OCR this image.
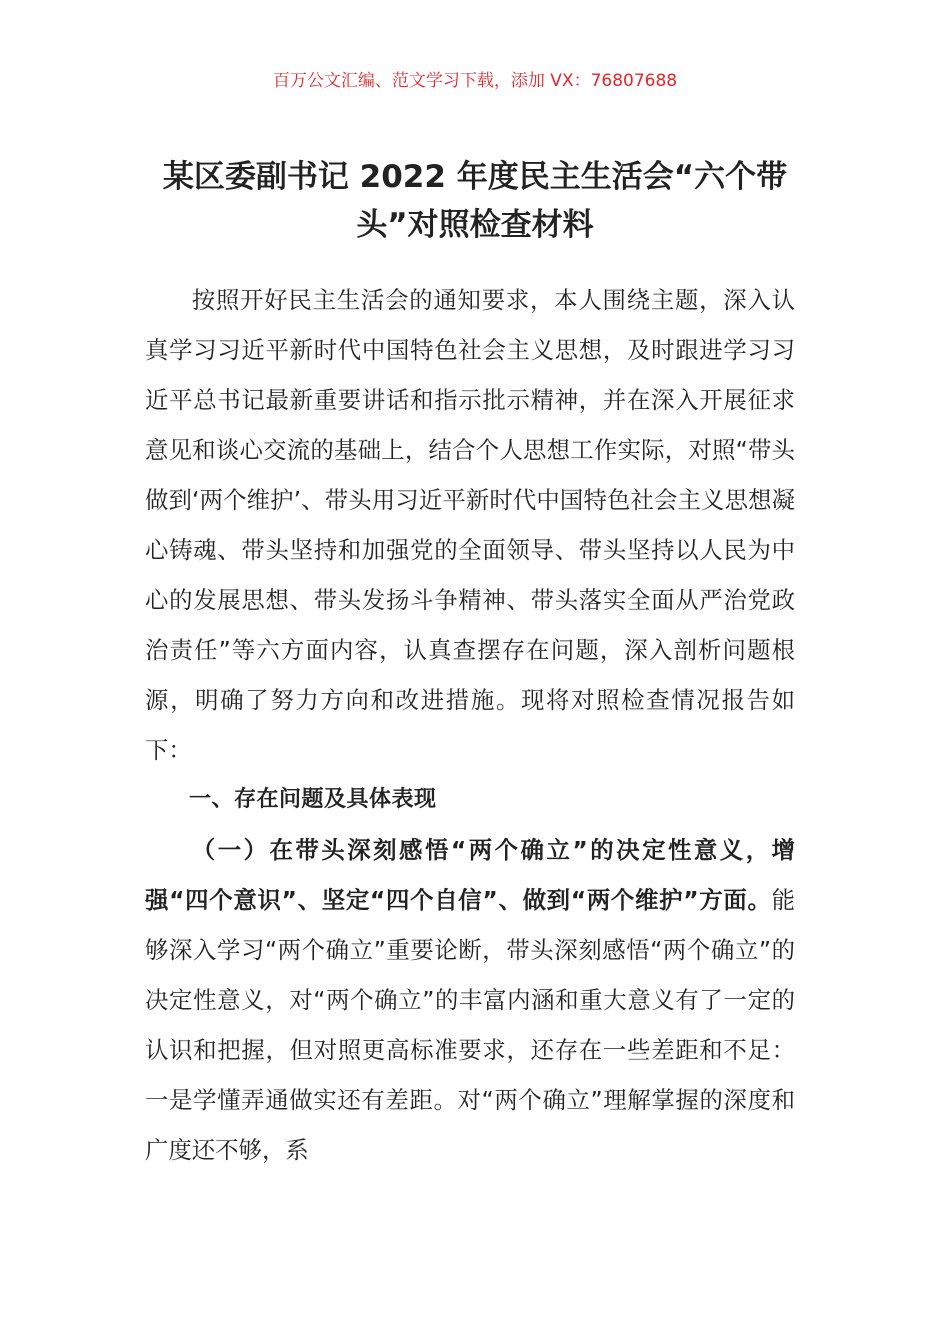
百万公文汇编、范文学习下载，添加 VX：76807688
某区委副书记 2022 年度民主生活会“六个带头”对照检查材料

按照开好民主生活会的通知要求，本人围绕主题，深入认真学习习近平新时代中国特色社会主义思想，及时跟进学习习近平总书记最新重要讲话和指示批示精神，并在深入开展征求意见和谈心交流的基础上，结合个人思想工作实际，对照“带头做到‘两个维护’、带头用习近平新时代中国特色社会主义思想凝心铸魂、带头坚持和加强党的全面领导、带头坚持以人民为中心的发展思想、带头发扬斗争精神、带头落实全面从严治党政治责任”等六方面内容，认真查摆存在问题，深入剖析问题根源，明确了努力方向和改进措施。现将对照检查情况报告如下：

一、存在问题及具体表现

（一）在带头深刻感悟“两个确立”的决定性意义，增强“四个意识”、坚定“四个自信”、做到“两个维护”方面。能够深入学习“两个确立”重要论断，带头深刻感悟“两个确立”的决定性意义，对“两个确立”的丰富内涵和重大意义有了一定的认识和把握，但对照更高标准要求，还存在一些差距和不足：一是学懂弄通做实还有差距。对“两个确立”理解掌握的深度和广度还不够，系
